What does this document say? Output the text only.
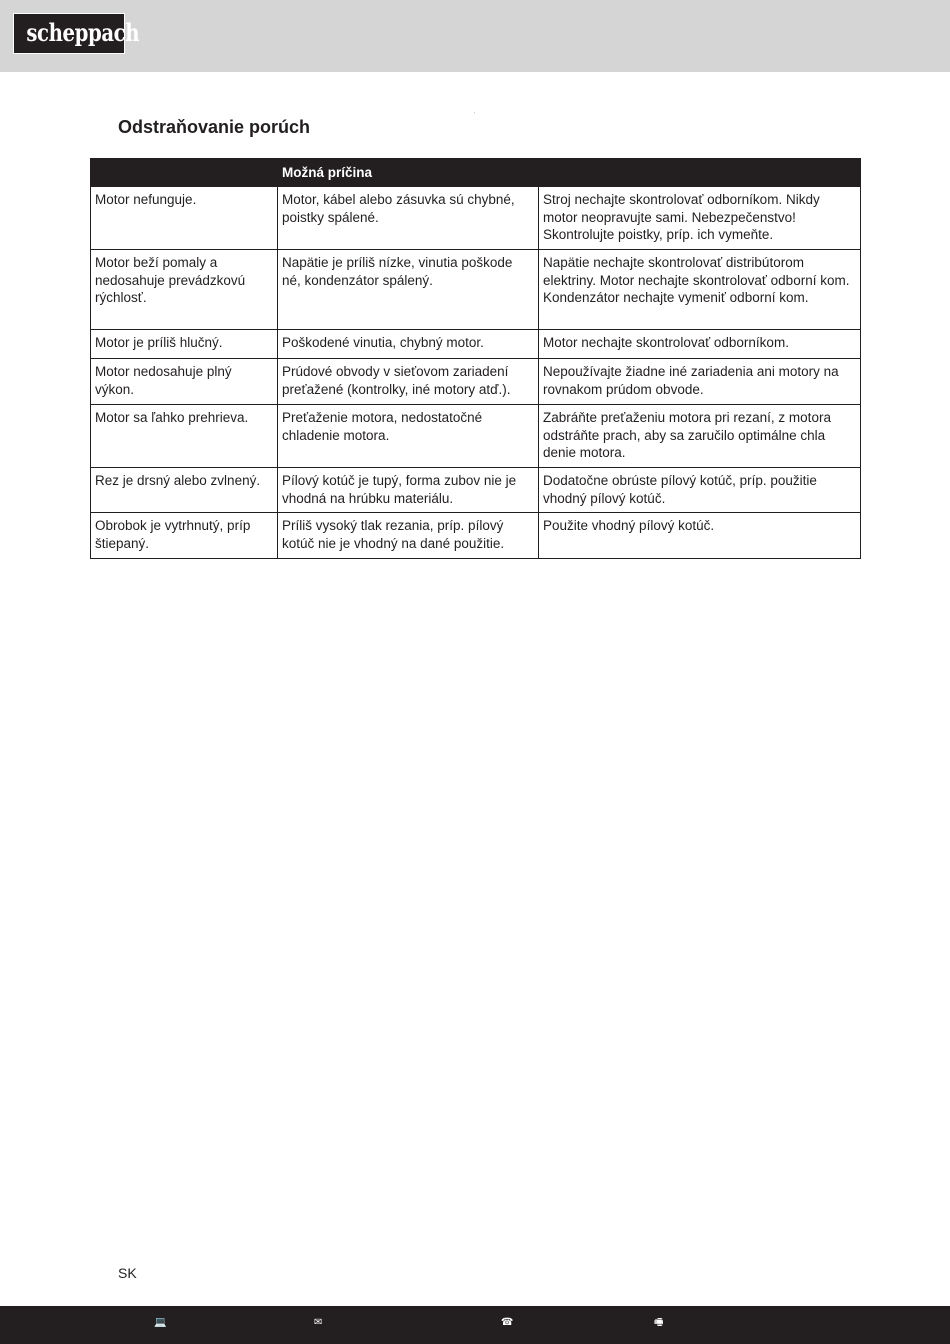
scheppach
'
Odstraňovanie porúch
	Možná príčina	
Motor nefunguje.	Motor, kábel alebo zásuvka sú chybné, poistky spálené.	Stroj nechajte skontrolovať odborníkom. Nikdy motor neopravujte sami. Nebezpečenstvo! Skontrolujte poistky, príp. ich vymeňte.
Motor beží pomaly a nedosahuje prevádzkovú rýchlosť.	Napätie je príliš nízke, vinutia poškode né, kondenzátor spálený.	Napätie nechajte skontrolovať distribútorom elektriny. Motor nechajte skontrolovať odborní kom. Kondenzátor nechajte vymeniť odborní kom.
Motor je príliš hlučný.	Poškodené vinutia, chybný motor.	Motor nechajte skontrolovať odborníkom.
Motor nedosahuje plný výkon.	Prúdové obvody v sieťovom zariadení preťažené (kontrolky, iné motory atď.).	Nepoužívajte žiadne iné zariadenia ani motory na rovnakom prúdom obvode.
Motor sa ľahko prehrieva.	Preťaženie motora, nedostatočné chladenie motora.	Zabráňte preťaženiu motora pri rezaní, z motora odstráňte prach, aby sa zaručilo optimálne chla denie motora.
Rez je drsný alebo zvlnený.	Pílový kotúč je tupý, forma zubov nie je vhodná na hrúbku materiálu.	Dodatočne obrúste pílový kotúč, príp. použitie vhodný pílový kotúč.
Obrobok je vytrhnutý, príp štiepaný.	Príliš vysoký tlak rezania, príp. pílový kotúč nie je vhodný na dané použitie.	Použite vhodný pílový kotúč.
SK
💻	✉	☎	🖷
